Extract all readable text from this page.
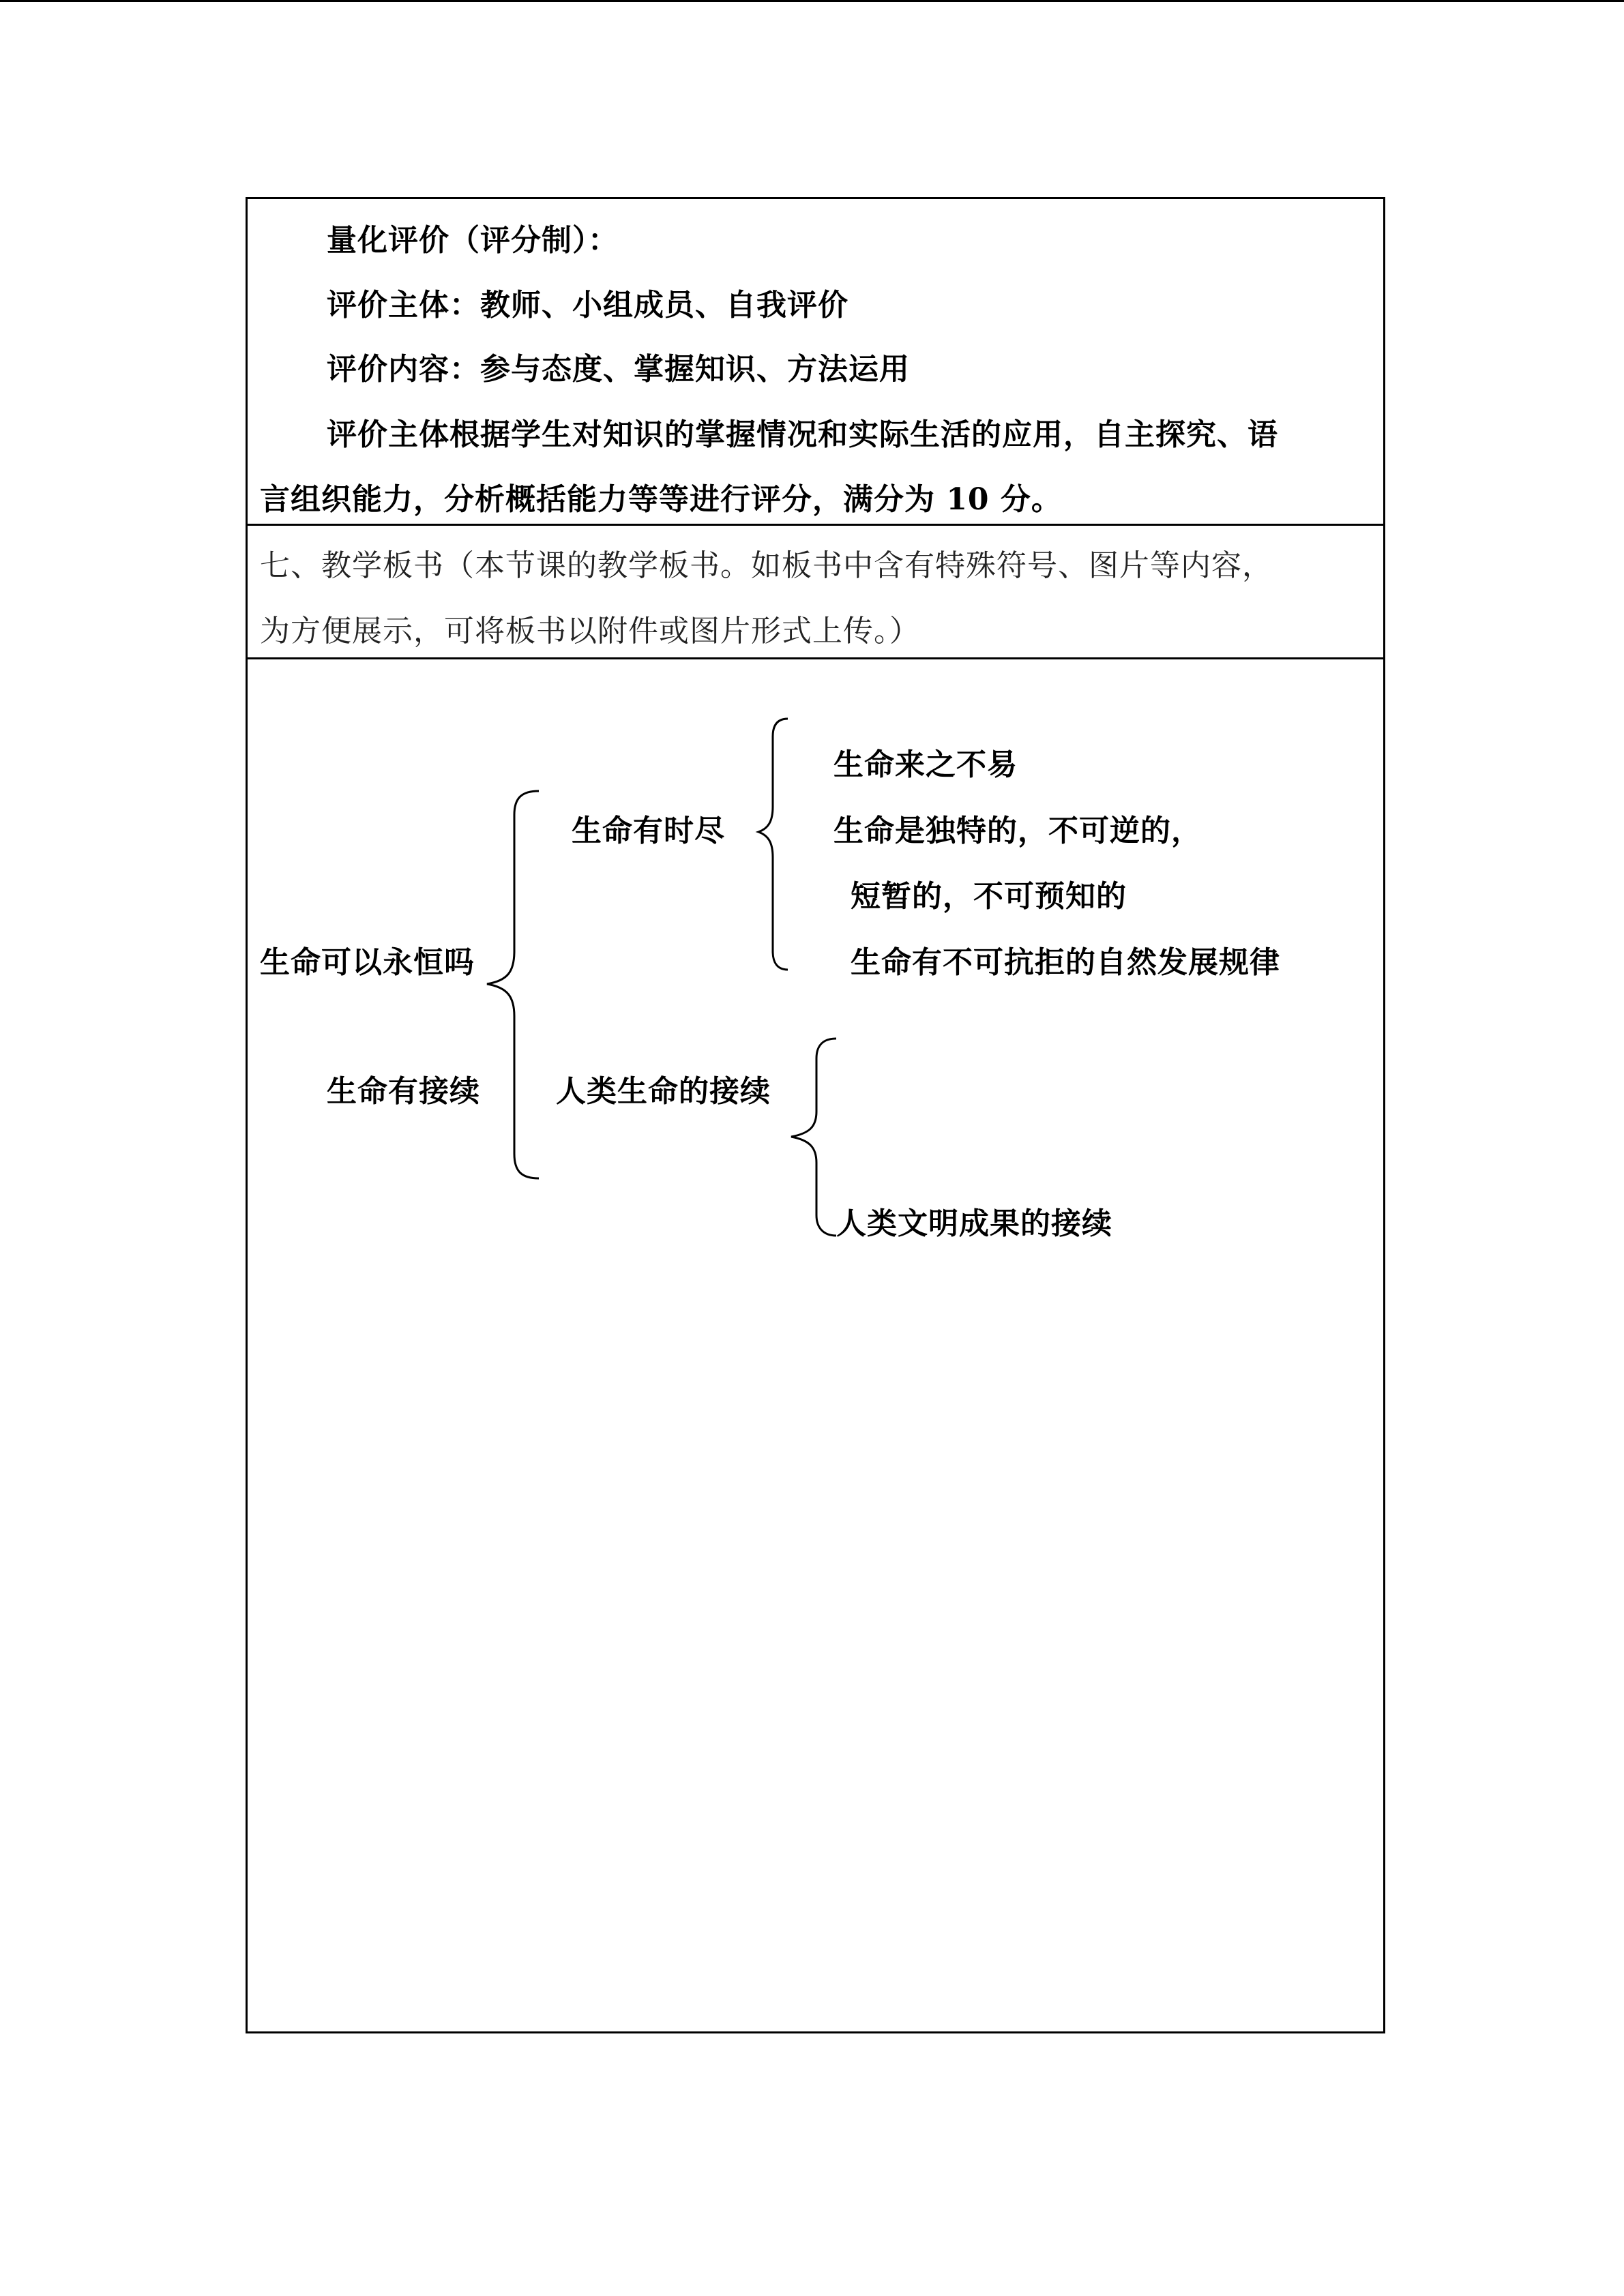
量化评价（评分制）：
评价主体：教师、小组成员、自我评价
评价内容：参与态度、掌握知识、方法运用
评价主体根据学生对知识的掌握情况和实际生活的应用，自主探究、语
言组织能力，分析概括能力等等进行评分，满分为 10 分。
七、教学板书（本节课的教学板书。如板书中含有特殊符号、图片等内容，
为方便展示，可将板书以附件或图片形式上传。）
生命可以永恒吗
生命有时尽
生命来之不易
生命是独特的，不可逆的，
短暂的，不可预知的
生命有不可抗拒的自然发展规律
生命有接续	人类生命的接续
人类文明成果的接续
